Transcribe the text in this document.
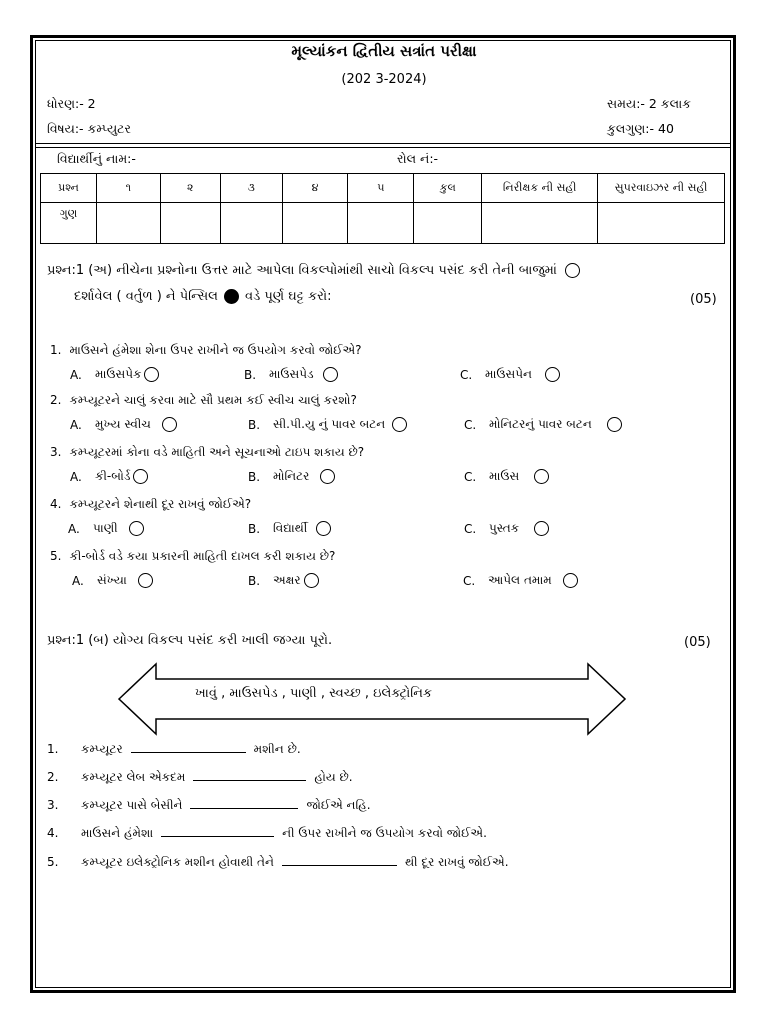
મૂલ્યાંકન દ્વિતીય સત્રાંત પરીક્ષા
(202 3-2024)
ધોરણ:- 2	સમય:- 2 કલાક
વિષય:- કમ્પ્યુટર	કુલગુણ:- 40
વિદ્યાર્થીનું નામ:-	રોલ નં:-
પ્રશ્ન	૧	૨	૩	૪	૫	કુલ	નિરીક્ષક ની સહી	સુપરવાઇઝર ની સહી
ગુણ								
પ્રશ્ન:1 (અ) નીચેના પ્રશ્નોના ઉત્તર માટે આપેલા વિકલ્પોમાંથી સાચો વિકલ્પ પસંદ કરી તેની બાજુમાં
દર્શાવેલ ( વર્તુળ ) ને પેન્સિલ વડે પૂર્ણ ઘટ્ટ કરો:	(05)
1. માઉસને હંમેશા શેના ઉપર રાખીને જ ઉપયોગ કરવો જોઈએ?
A.	માઉસપેક	B.	માઉસપેડ	C.	માઉસપેન
2. કમ્પ્યૂટરને ચાલું કરવા માટે સૌ પ્રથમ કઈ સ્વીચ ચાલું કરશો?
A.	મુખ્ય સ્વીચ	B.	સી.પી.યુ નું પાવર બટન	C.	મોનિટરનું પાવર બટન
3. કમ્પ્યૂટરમાં કોના વડે માહિતી અને સૂચનાઓ ટાઇપ શકાય છે?
A.	કી-બોર્ડ	B.	મોનિટર	C.	માઉસ
4. કમ્પ્યૂટરને શેનાથી દૂર રાખવું જોઈએ?
A.	પાણી	B.	વિદ્યાર્થી	C.	પુસ્તક
5. કી-બોર્ડ વડે કયા પ્રકારની માહિતી દાખલ કરી શકાય છે?
A.	સંખ્યા	B.	અક્ષર	C.	આપેલ તમામ
પ્રશ્ન:1 (બ) યોગ્ય વિકલ્પ પસંદ કરી ખાલી જગ્યા પૂરો.	(05)
ખાવું , માઉસપેડ , પાણી , સ્વચ્છ , ઇલેક્ટ્રોનિક
1.	કમ્પ્યૂટર	મશીન છે.
2.	કમ્પ્યૂટર લેબ એકદમ	હોય છે.
3.	કમ્પ્યૂટર પાસે બેસીને	જોઈએ નહિ.
4.	માઉસને હંમેશા	ની ઉપર રાખીને જ ઉપયોગ કરવો જોઈએ.
5.	કમ્પ્યૂટર ઇલેક્ટ્રોનિક મશીન હોવાથી તેને	થી દૂર રાખવું જોઈએ.
